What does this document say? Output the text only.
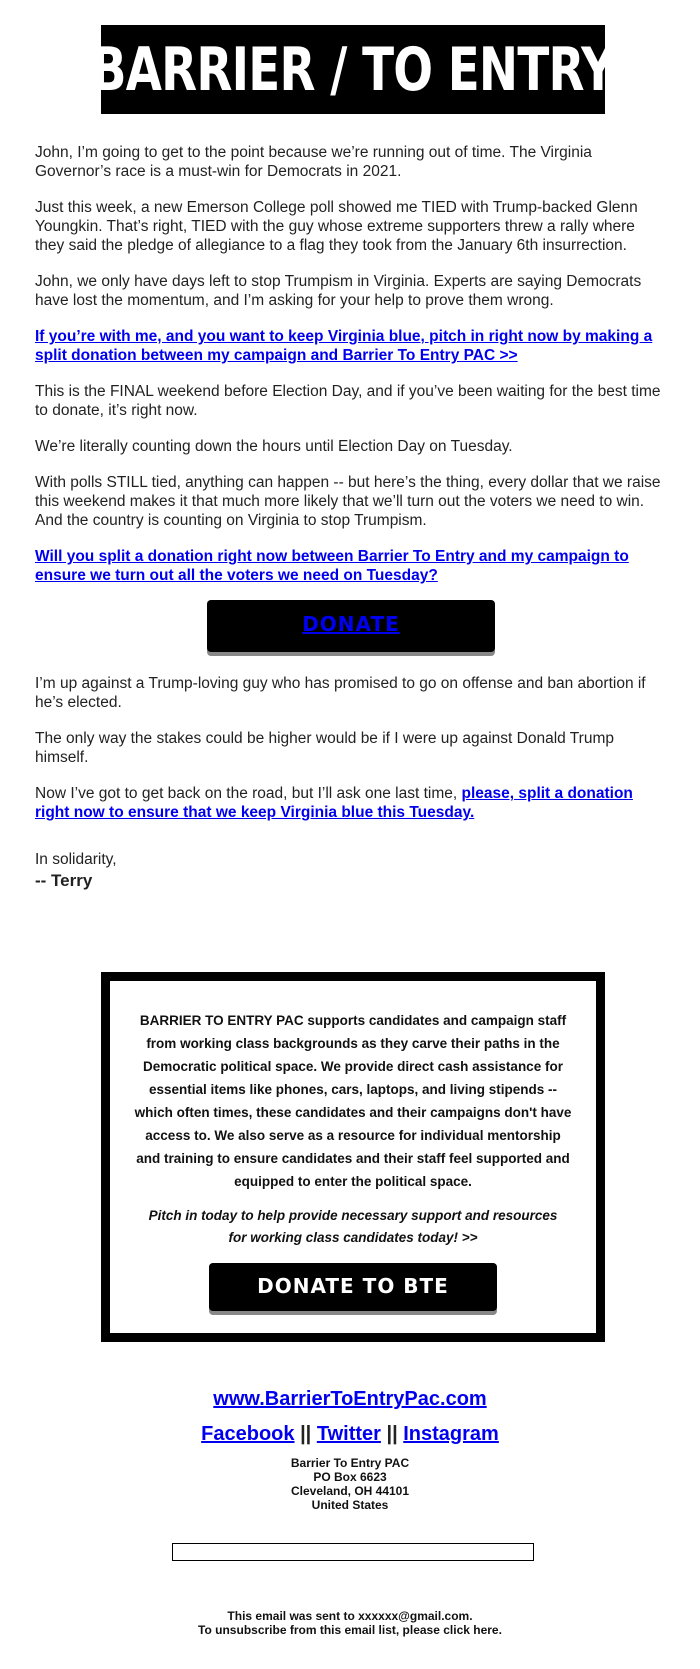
BARRIER / TO ENTRY

John, I’m going to get to the point because we’re running out of time. The Virginia Governor’s race is a must-win for Democrats in 2021.

Just this week, a new Emerson College poll showed me TIED with Trump-backed Glenn Youngkin. That’s right, TIED with the guy whose extreme supporters threw a rally where they said the pledge of allegiance to a flag they took from the January 6th insurrection.

John, we only have days left to stop Trumpism in Virginia. Experts are saying Democrats have lost the momentum, and I’m asking for your help to prove them wrong.

If you’re with me, and you want to keep Virginia blue, pitch in right now by making a split donation between my campaign and Barrier To Entry PAC >>

This is the FINAL weekend before Election Day, and if you’ve been waiting for the best time to donate, it’s right now.

We’re literally counting down the hours until Election Day on Tuesday.

With polls STILL tied, anything can happen -- but here’s the thing, every dollar that we raise this weekend makes it that much more likely that we’ll turn out the voters we need to win. And the country is counting on Virginia to stop Trumpism.

Will you split a donation right now between Barrier To Entry and my campaign to ensure we turn out all the voters we need on Tuesday?

DONATE

I’m up against a Trump-loving guy who has promised to go on offense and ban abortion if he’s elected.

The only way the stakes could be higher would be if I were up against Donald Trump himself.

Now I’ve got to get back on the road, but I’ll ask one last time, please, split a donation right now to ensure that we keep Virginia blue this Tuesday.

In solidarity,
-- Terry
BARRIER TO ENTRY PAC supports candidates and campaign staff from working class backgrounds as they carve their paths in the Democratic political space. We provide direct cash assistance for essential items like phones, cars, laptops, and living stipends -- which often times, these candidates and their campaigns don't have access to. We also serve as a resource for individual mentorship and training to ensure candidates and their staff feel supported and equipped to enter the political space.
Pitch in today to help provide necessary support and resources for working class candidates today! >>
DONATE TO BTE
www.BarrierToEntryPac.com
Facebook || Twitter || Instagram
Barrier To Entry PAC
PO Box 6623
Cleveland, OH 44101
United States
This email was sent to xxxxxx@gmail.com.
To unsubscribe from this email list, please click here.
